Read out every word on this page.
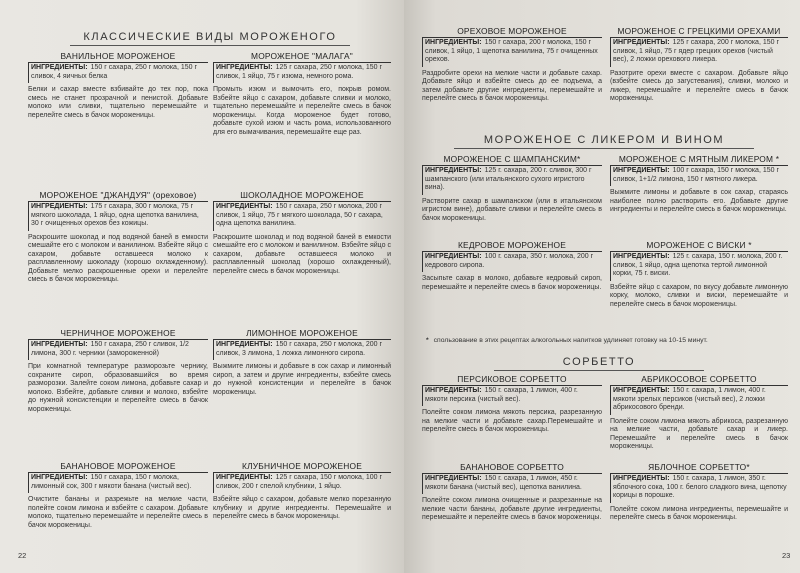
КЛАССИЧЕСКИЕ ВИДЫ МОРОЖЕНОГО
ВАНИЛЬНОЕ МОРОЖЕНОЕ
ИНГРЕДИЕНТЫ: 150 г сахара, 250 г молока, 150 г сливок, 4 яичных белка
Белки и сахар вместе взбивайте до тех пор, пока смесь не станет прозрачной и пенистой. Добавьте молоко или сливки, тщательно перемешайте и перелейте смесь в бачок мороженицы.
МОРОЖЕНОЕ "МАЛАГА"
ИНГРЕДИЕНТЫ: 125 г сахара, 250 г молока, 150 г сливок, 1 яйцо, 75 г изюма, немного рома.
Промыть изюм и вымочить его, покрыв ромом. Взбейте яйцо с сахаром, добавьте сливки и молоко, тщательно перемешайте и перелейте смесь в бачок мороженицы. Когда мороженое будет готово, добавьте сухой изюм и часть рома, использованного для его вымачивания, перемешайте еще раз.
МОРОЖЕНОЕ "ДЖАНДУЯ" (ореховое)
ИНГРЕДИЕНТЫ: 175 г сахара, 300 г молока, 75 г мягкого шоколада, 1 яйцо, одна щепотка ванилина, 30 г очищенных орехов без кожицы.
Раскрошите шоколад и под водяной баней в емкости смешайте его с молоком и ванилином. Взбейте яйцо с сахаром, добавьте оставшееся молоко к расплавленному шоколаду (хорошо охлажденному). Добавьте мелко раскрошенные орехи и перелейте смесь в бачок мороженицы.
ШОКОЛАДНОЕ МОРОЖЕНОЕ
ИНГРЕДИЕНТЫ: 150 г сахара, 250 г молока, 200 г сливок, 1 яйцо, 75 г мягкого шоколада, 50 г сахара, одна щепотка ванилина.
Раскрошите шоколад и под водяной баней в емкости смешайте его с молоком и ванилином. Взбейте яйцо с сахаром, добавьте оставшееся молоко и расплавленный шоколад (хорошо охлажденный), перелейте смесь в бачок мороженицы.
ЧЕРНИЧНОЕ МОРОЖЕНОЕ
ИНГРЕДИЕНТЫ: 150 г сахара, 250 г сливок, 1/2 лимона, 300 г. черники (замороженной)
При комнатной температуре разморозьте чернику, сохраните сироп, образовавшийся во время разморозки. Залейте соком лимона, добавьте сахар и молоко. Взбейте, добавьте сливки и молоко, взбейте до нужной консистенции и перелейте смесь в бачок мороженицы.
ЛИМОННОЕ МОРОЖЕНОЕ
ИНГРЕДИЕНТЫ: 150 г сахара, 250 г молока, 200 г сливок, 3 лимона, 1 ложка лимонного сиропа.
Выжмите лимоны и добавьте в сок сахар и лимонный сироп, а затем и другие ингредиенты, взбейте смесь до нужной консистенции и перелейте в бачок мороженицы.
БАНАНОВОЕ МОРОЖЕНОЕ
ИНГРЕДИЕНТЫ: 150 г сахара, 150 г молока, лимонный сок, 300 г мякоти банана (чистый вес).
Очистите бананы и разрежьте на мелкие части, полейте соком лимона и взбейте с сахаром. Добавьте молоко, тщательно перемешайте и перелейте смесь в бачок мороженицы.
КЛУБНИЧНОЕ МОРОЖЕНОЕ
ИНГРЕДИЕНТЫ: 125 г сахара, 150 г молока, 100 г сливок, 200 г спелой клубники, 1 яйцо.
Взбейте яйцо с сахаром, добавьте мелко порезанную клубнику и другие ингредиенты. Перемешайте и перелейте смесь в бачок мороженицы.
22
ОРЕХОВОЕ МОРОЖЕНОЕ
ИНГРЕДИЕНТЫ: 150 г сахара, 200 г молока, 150 г сливок, 1 яйцо, 1 щепотка ванилина, 75 г очищенных орехов.
Раздробите орехи на мелкие части и добавьте сахар. Добавьте яйцо и взбейте смесь до ее подъема, а затем добавьте другие ингредиенты, перемешайте и перелейте смесь в бачок мороженицы.
МОРОЖЕНОЕ С ГРЕЦКИМИ ОРЕХАМИ
ИНГРЕДИЕНТЫ: 125 г сахара, 200 г молока, 150 г сливок, 1 яйцо, 75 г ядер грецких орехов (чистый вес), 2 ложки орехового ликера.
Разотрите орехи вместе с сахаром. Добавьте яйцо (взбейте смесь до загустевания), сливки, молоко и ликер, перемешайте и перелейте смесь в бачок мороженицы.
МОРОЖЕНОЕ С ЛИКЕРОМ И ВИНОМ
МОРОЖЕНОЕ С ШАМПАНСКИМ*
ИНГРЕДИЕНТЫ: 125 г. сахара, 200 г. сливок, 300 г шампанского (или итальянского сухого игристого вина).
Растворите сахар в шампанском (или в итальянском игристом вине), добавьте сливки и перелейте смесь в бачок мороженицы.
МОРОЖЕНОЕ С МЯТНЫМ ЛИКЕРОМ *
ИНГРЕДИЕНТЫ: 100 г сахара, 150 г молока, 150 г сливок, 1+1/2 лимона, 150 г мятного ликера.
Выжмите лимоны и добавьте в сок сахар, стараясь наиболее полно растворить его. Добавьте другие ингредиенты и перелейте смесь в бачок мороженицы.
КЕДРОВОЕ МОРОЖЕНОЕ
ИНГРЕДИЕНТЫ: 100 г. сахара, 350 г. молока, 200 г кедрового сиропа.
Засыпьте сахар в молоко, добавьте кедровый сироп, перемешайте и перелейте смесь в бачок мороженицы.
МОРОЖЕНОЕ С ВИСКИ *
ИНГРЕДИЕНТЫ: 125 г. сахара, 150 г. молока, 200 г. сливок, 1 яйцо, одна щепотка тертой лимонной корки, 75 г. виски.
Взбейте яйцо с сахаром, по вкусу добавьте лимонную корку, молоко, сливки и виски, перемешайте и перелейте смесь в бачок мороженицы.
* спользование в этих рецептах алкогольных напитков удлиняет готовку на 10-15 минут.
СОРБЕТТО
ПЕРСИКОВОЕ СОРБЕТТО
ИНГРЕДИЕНТЫ: 150 г. сахара, 1 лимон, 400 г. мякоти персика (чистый вес).
Полейте соком лимона мякоть персика, разрезанную на мелкие части и добавьте сахар.Перемешайте и перелейте смесь в бачок мороженицы.
АБРИКОСОВОЕ СОРБЕТТО
ИНГРЕДИЕНТЫ: 150 г. сахара, 1 лимон, 400 г. мякоти зрелых персиков (чистый вес), 2 ложки абрикосового бренди.
Полейте соком лимона мякоть абрикоса, разрезанную на мелкие части, добавьте сахар и ликер. Перемешайте и перелейте смесь в бачок мороженицы.
БАНАНОВОЕ СОРБЕТТО
ИНГРЕДИЕНТЫ: 150 г. сахара, 1 лимон, 450 г. мякоти банана (чистый вес), щепотка ванилина.
Полейте соком лимона очищенные и разрезанные на мелкие части бананы, добавьте другие ингредиенты, перемешайте и перелейте смесь в бачок мороженицы.
ЯБЛОЧНОЕ СОРБЕТТО*
ИНГРЕДИЕНТЫ: 150 г. сахара, 1 лимон, 350 г. яблочного сока, 100 г. белого сладкого вина, щепотку корицы в порошке.
Полейте соком лимона ингредиенты, перемешайте и перелейте смесь в бачок мороженицы.
23
